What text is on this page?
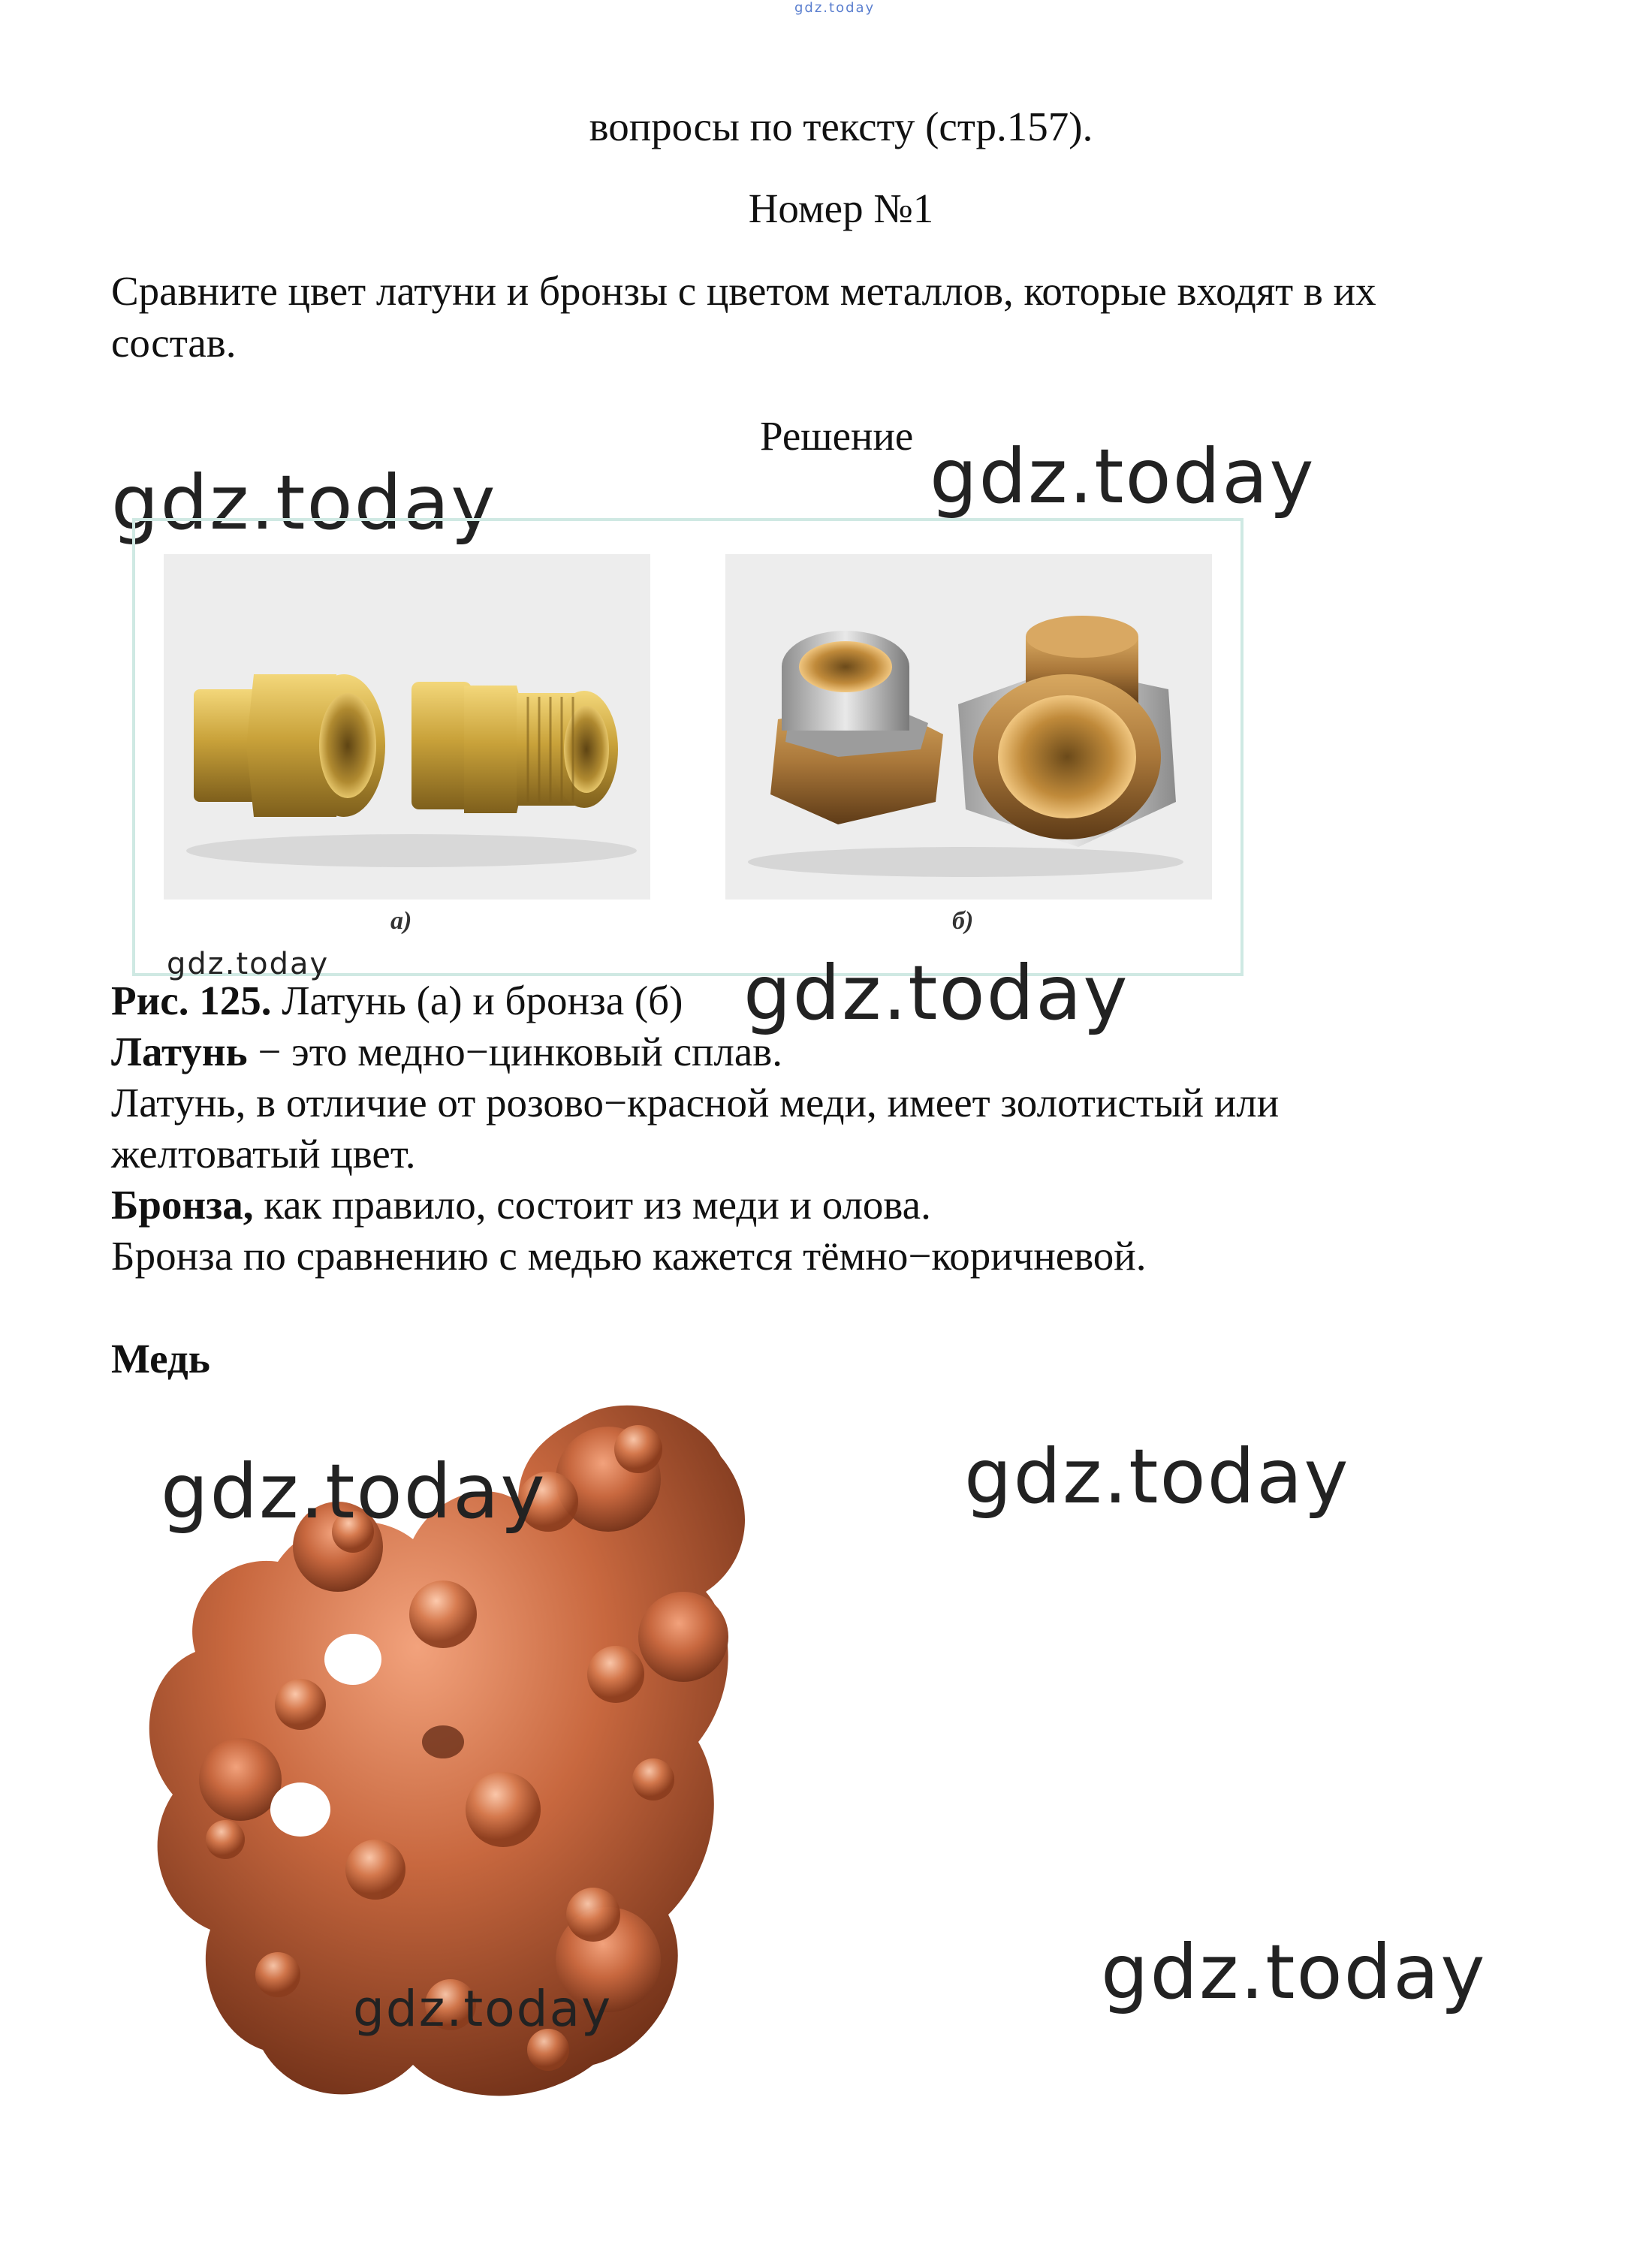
gdz.today
вопросы по тексту (стр.157).
Номер №1
Сравните цвет латуни и бронзы с цветом металлов, которые входят в их
состав.
Решение
gdz.today	gdz.today
а)	б)
gdz.today
Рис. 125. Латунь (а) и бронза (б) gdz.today
Латунь − это медно−цинковый сплав.
Латунь, в отличие от розово−красной меди, имеет золотистый или
желтоватый цвет.
Бронза, как правило, состоит из меди и олова.
Бронза по сравнению с медью кажется тёмно−коричневой.
Медь
gdz.today	gdz.today
gdz.today	gdz.today
